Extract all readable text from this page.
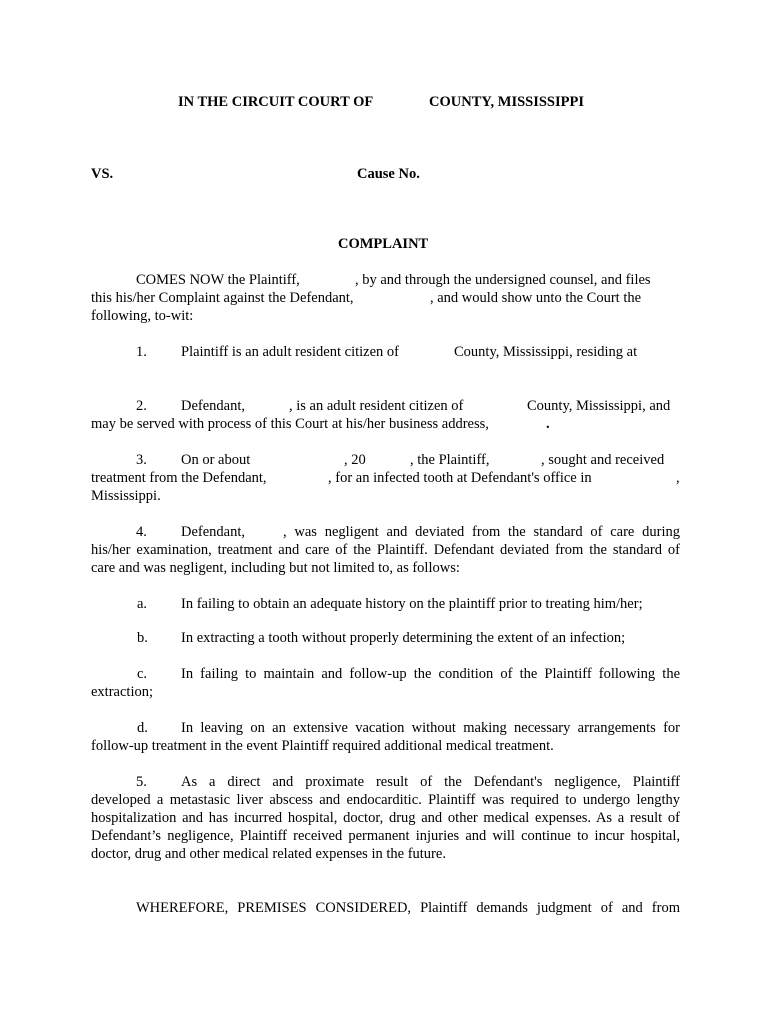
IN THE CIRCUIT COURT OF	COUNTY, MISSISSIPPI

VS.	Cause No.

COMPLAINT

COMES NOW the Plaintiff,	, by and through the undersigned counsel, and files

this his/her Complaint against the Defendant,	, and would show unto the Court the

following, to-wit:

1. Plaintiff is an adult resident citizen of	County, Mississippi, residing at

2. Defendant,	, is an adult resident citizen of	County, Mississippi, and

may be served with process of this Court at his/her business address,	.

3. On or about	, 20	, the Plaintiff,	, sought and received

treatment from the Defendant,	, for an infected tooth at Defendant's office in	,

Mississippi.

4. Defendant,	, was negligent and deviated from the standard of care during

his/her examination, treatment and care of the Plaintiff. Defendant deviated from the standard of

care and was negligent, including but not limited to, as follows:

a. In failing to obtain an adequate history on the plaintiff prior to treating him/her;

b. In extracting a tooth without properly determining the extent of an infection;

c. In failing to maintain and follow-up the condition of the Plaintiff following the

extraction;

d. In leaving on an extensive vacation without making necessary arrangements for

follow-up treatment in the event Plaintiff required additional medical treatment.

5. As a direct and proximate result of the Defendant's negligence, Plaintiff

developed a metastasic liver abscess and endocarditic. Plaintiff was required to undergo lengthy

hospitalization and has incurred hospital, doctor, drug and other medical expenses. As a result of

Defendant’s negligence, Plaintiff received permanent injuries and will continue to incur hospital,

doctor, drug and other medical related expenses in the future.

WHEREFORE, PREMISES CONSIDERED, Plaintiff demands judgment of and from
